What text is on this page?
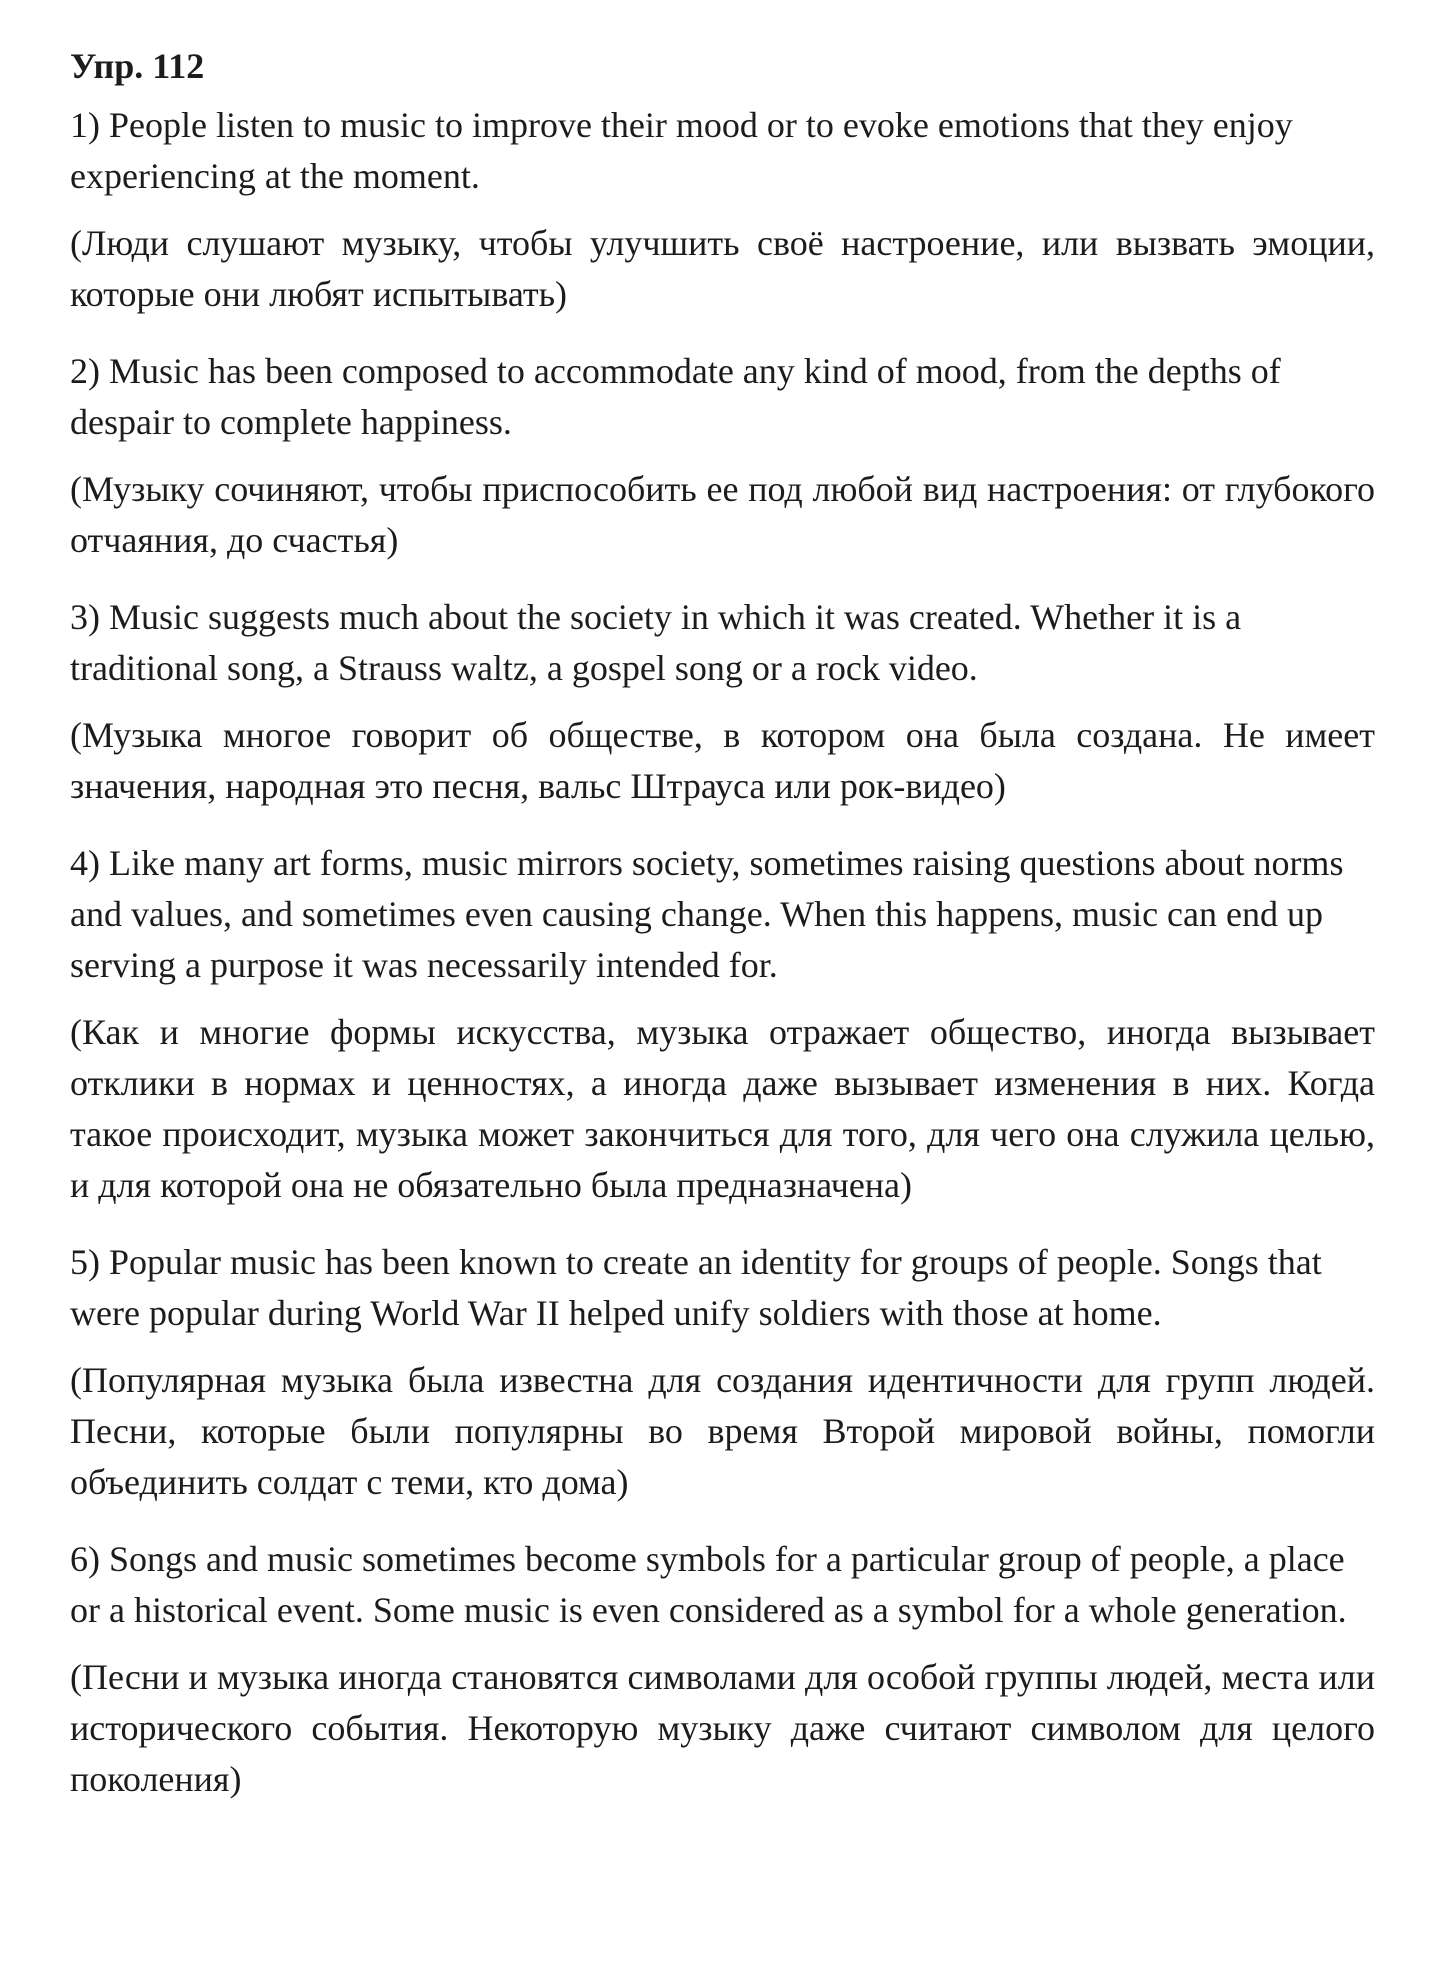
Упр. 112

1) People listen to music to improve their mood or to evoke emotions that they enjoy experiencing at the moment.

(Люди слушают музыку, чтобы улучшить своё настроение, или вызвать эмоции, которые они любят испытывать)

2) Music has been composed to accommodate any kind of mood, from the depths of despair to complete happiness.

(Музыку сочиняют, чтобы приспособить ее под любой вид настроения: от глубокого отчаяния, до счастья)

3) Music suggests much about the society in which it was created. Whether it is a traditional song, a Strauss waltz, a gospel song or a rock video.

(Музыка многое говорит об обществе, в котором она была создана. Не имеет значения, народная это песня, вальс Штрауса или рок-видео)

4) Like many art forms, music mirrors society, sometimes raising questions about norms and values, and sometimes even causing change. When this happens, music can end up serving a purpose it was necessarily intended for.

(Как и многие формы искусства, музыка отражает общество, иногда вызывает отклики в нормах и ценностях, а иногда даже вызывает изменения в них. Когда такое происходит, музыка может закончиться для того, для чего она служила целью, и для которой она не обязательно была предназначена)

5) Popular music has been known to create an identity for groups of people. Songs that were popular during World War II helped unify soldiers with those at home.

(Популярная музыка была известна для создания идентичности для групп людей. Песни, которые были популярны во время Второй мировой войны, помогли объединить солдат с теми, кто дома)

6) Songs and music sometimes become symbols for a particular group of people, a place or a historical event. Some music is even considered as a symbol for a whole generation.

(Песни и музыка иногда становятся символами для особой группы людей, места или исторического события. Некоторую музыку даже считают символом для целого поколения)
